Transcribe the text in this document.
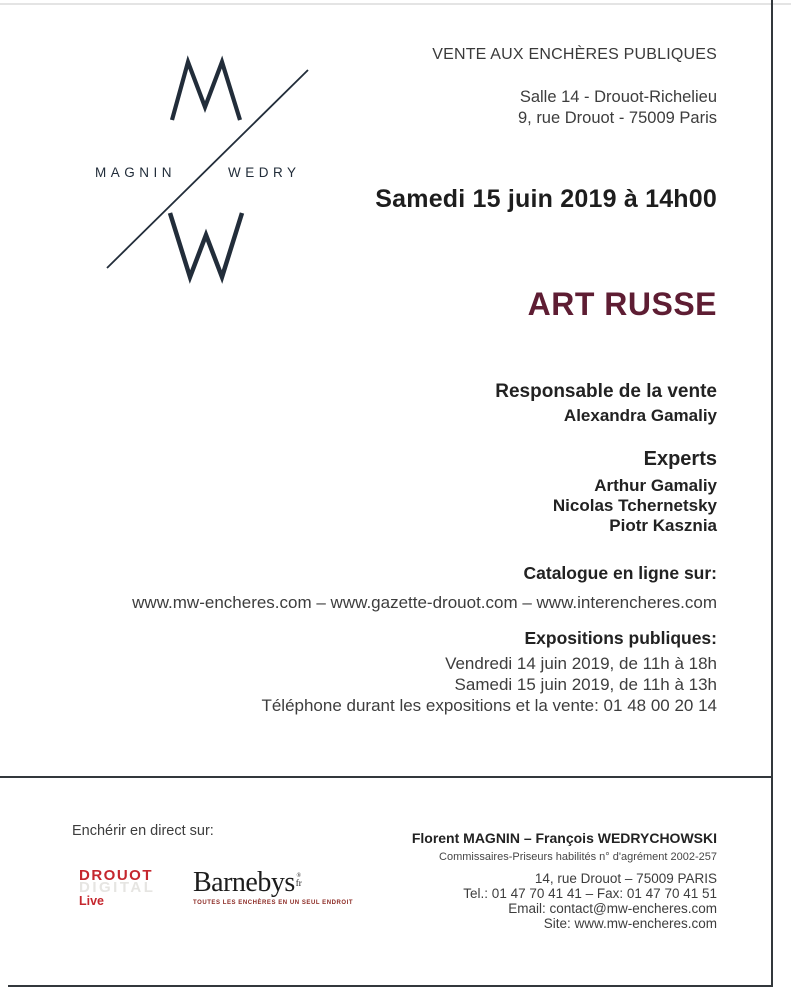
MAGNIN	WEDRY
VENTE AUX ENCHÈRES PUBLIQUES
Salle 14 - Drouot-Richelieu
9, rue Drouot - 75009 Paris
Samedi 15 juin 2019 à 14h00
ART RUSSE
Responsable de la vente
Alexandra Gamaliy
Experts
Arthur Gamaliy
Nicolas Tchernetsky
Piotr Kasznia
Catalogue en ligne sur:
www.mw-encheres.com – www.gazette-drouot.com – www.interencheres.com
Expositions publiques:
Vendredi 14 juin 2019, de 11h à 18h
Samedi 15 juin 2019, de 11h à 13h
Téléphone durant les expositions et la vente: 01 48 00 20 14
Enchérir en direct sur:
DROUOT
DIGITAL
Live
Barnebys ®
fr
TOUTES LES ENCHÈRES EN UN SEUL ENDROIT
Florent MAGNIN – François WEDRYCHOWSKI
Commissaires-Priseurs habilités n° d'agrément 2002-257
14, rue Drouot – 75009 PARIS
Tel.: 01 47 70 41 41 – Fax: 01 47 70 41 51
Email: contact@mw-encheres.com
Site: www.mw-encheres.com
